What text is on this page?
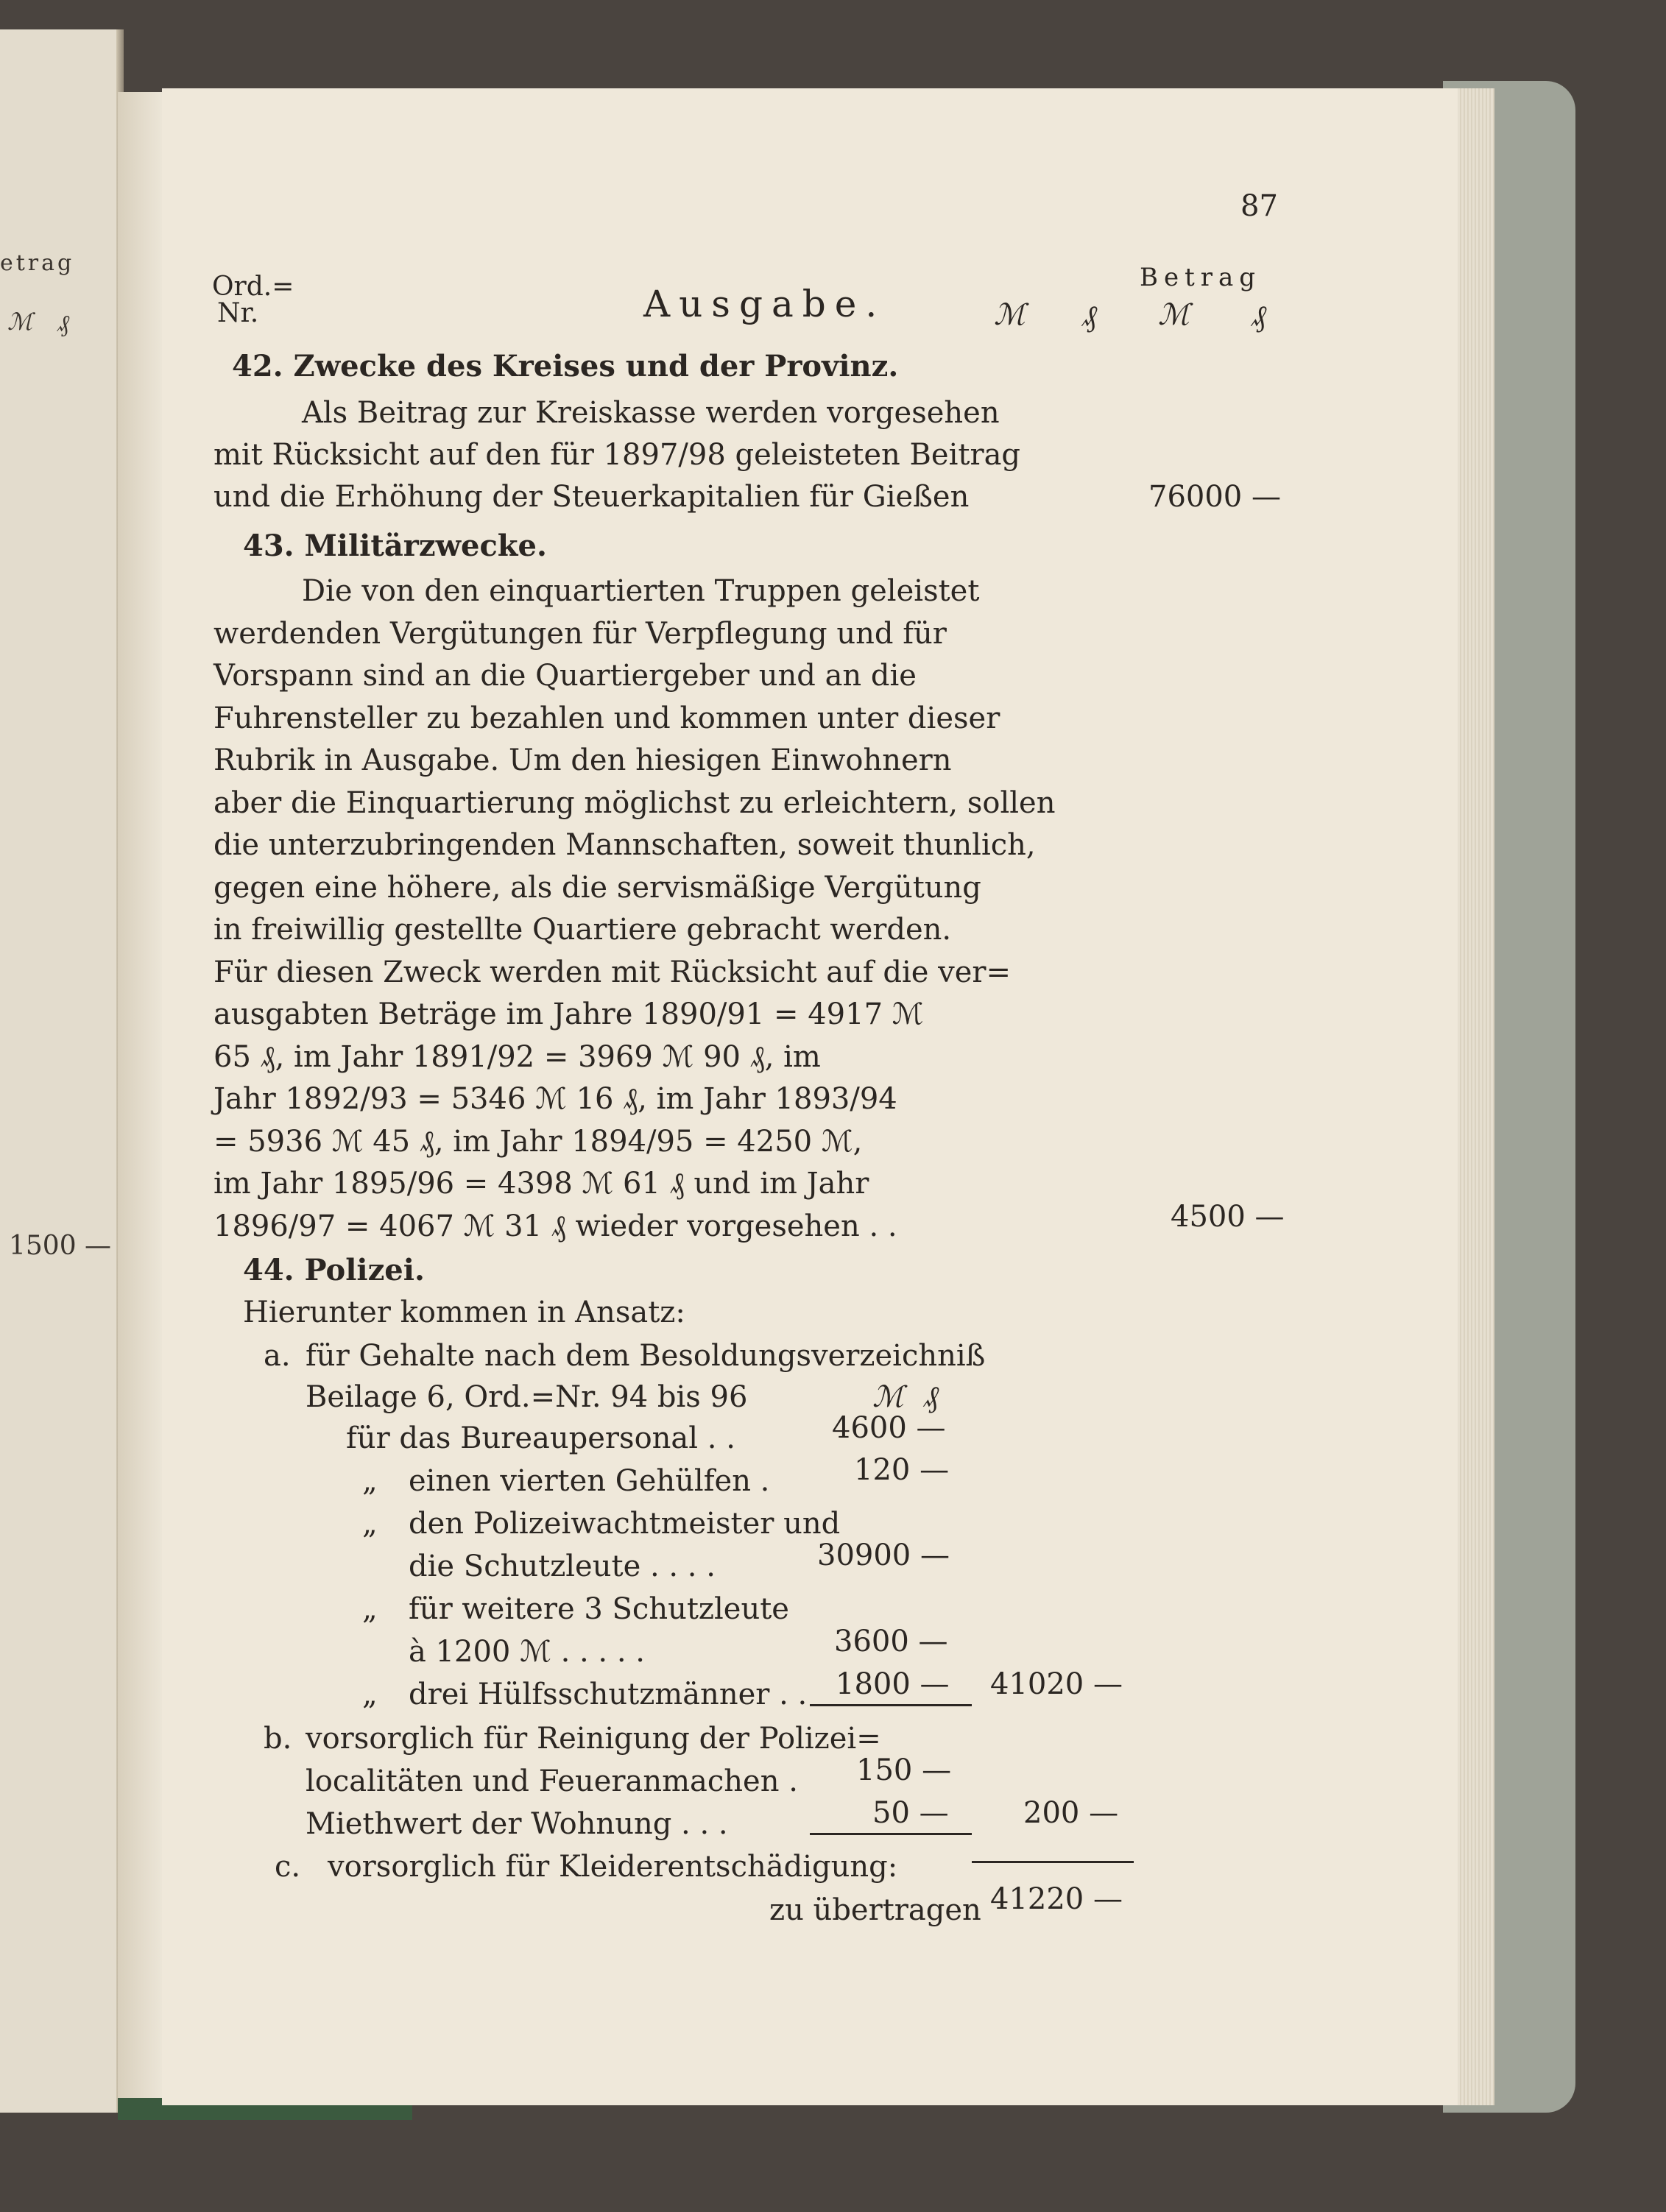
etrag
ℳ ₰
1500 —
87
Ord.=
Nr.	Ausgabe.
Betrag
ℳ ₰ ℳ ₰
42. Zwecke des Kreises und der Provinz.
Als Beitrag zur Kreiskasse werden vorgesehen
mit Rücksicht auf den für 1897/98 geleisteten Beitrag
und die Erhöhung der Steuerkapitalien für Gießen	76000 —
43. Militärzwecke.
Die von den einquartierten Truppen geleistet
werdenden Vergütungen für Verpflegung und für
Vorspann sind an die Quartiergeber und an die
Fuhrensteller zu bezahlen und kommen unter dieser
Rubrik in Ausgabe. Um den hiesigen Einwohnern
aber die Einquartierung möglichst zu erleichtern, sollen
die unterzubringenden Mannschaften, soweit thunlich,
gegen eine höhere, als die servismäßige Vergütung
in freiwillig gestellte Quartiere gebracht werden.
Für diesen Zweck werden mit Rücksicht auf die ver=
ausgabten Beträge im Jahre 1890/91 = 4917 ℳ
65 ₰, im Jahr 1891/92 = 3969 ℳ 90 ₰, im
Jahr 1892/93 = 5346 ℳ 16 ₰, im Jahr 1893/94
= 5936 ℳ 45 ₰, im Jahr 1894/95 = 4250 ℳ,
im Jahr 1895/96 = 4398 ℳ 61 ₰ und im Jahr
1896/97 = 4067 ℳ 31 ₰ wieder vorgesehen . .	4500 —
44. Polizei.
Hierunter kommen in Ansatz:
a. für Gehalte nach dem Besoldungsverzeichniß
Beilage 6, Ord.=Nr. 94 bis 96	ℳ ₰
für das Bureaupersonal . .	4600 —
„ einen vierten Gehülfen .	120 —
„ den Polizeiwachtmeister und
die Schutzleute . . . .	30900 —
„ für weitere 3 Schutzleute
à 1200 ℳ . . . . .	3600 —
„ drei Hülfsschutzmänner . . 1800 — 41020 —
b. vorsorglich für Reinigung der Polizei=
localitäten und Feueranmachen . 150 —
Miethwert der Wohnung . . .	50 —	200 —
c. vorsorglich für Kleiderentschädigung:
zu übertragen 41220 —
